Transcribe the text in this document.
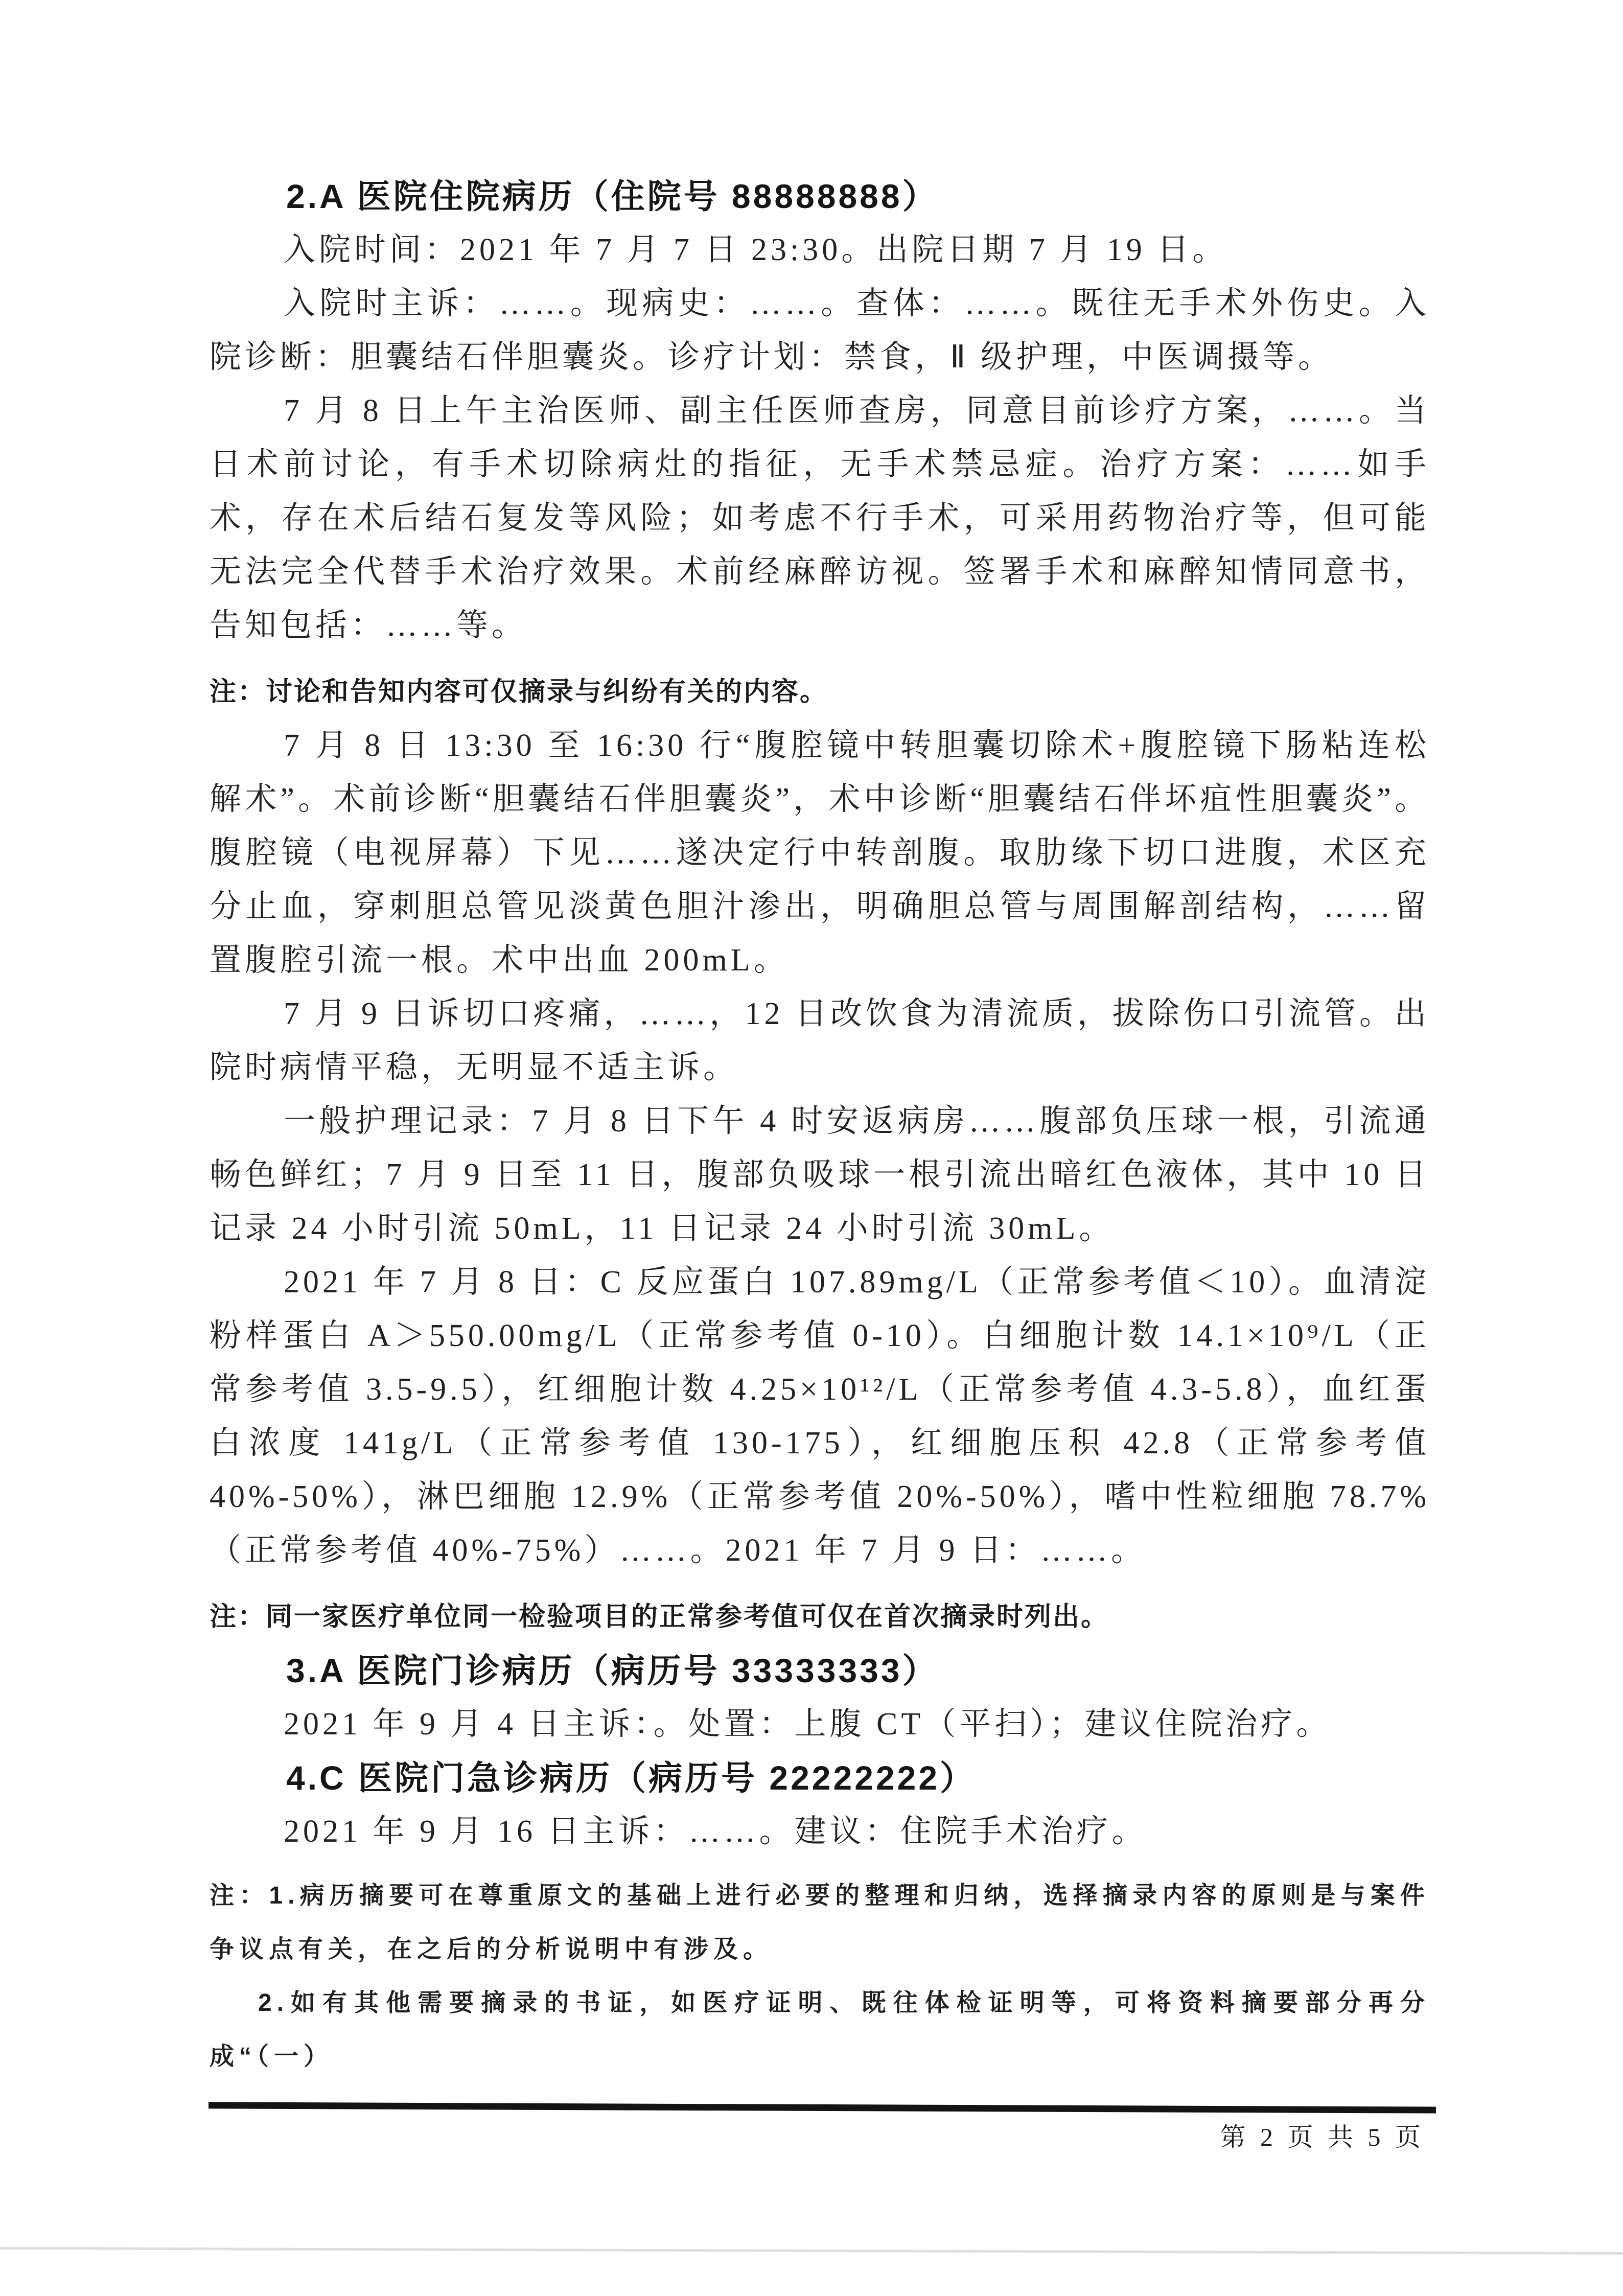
2.A 医院住院病历（住院号 88888888）
入院时间：2021 年 7 月 7 日 23:30。出院日期 7 月 19 日。
入院时主诉：……。现病史：……。查体：……。既往无手术外伤史。入院诊断：胆囊结石伴胆囊炎。诊疗计划：禁食，Ⅱ 级护理，中医调摄等。
7 月 8 日上午主治医师、副主任医师查房，同意目前诊疗方案，……。当日术前讨论，有手术切除病灶的指征，无手术禁忌症。治疗方案：……如手术，存在术后结石复发等风险；如考虑不行手术，可采用药物治疗等，但可能无法完全代替手术治疗效果。术前经麻醉访视。签署手术和麻醉知情同意书，告知包括：……等。
注：讨论和告知内容可仅摘录与纠纷有关的内容。
7 月 8 日 13:30 至 16:30 行“腹腔镜中转胆囊切除术+腹腔镜下肠粘连松解术”。术前诊断“胆囊结石伴胆囊炎”，术中诊断“胆囊结石伴坏疽性胆囊炎”。腹腔镜（电视屏幕）下见……遂决定行中转剖腹。取肋缘下切口进腹，术区充分止血，穿刺胆总管见淡黄色胆汁渗出，明确胆总管与周围解剖结构，……留置腹腔引流一根。术中出血 200mL。
7 月 9 日诉切口疼痛，……，12 日改饮食为清流质，拔除伤口引流管。出院时病情平稳，无明显不适主诉。
一般护理记录：7 月 8 日下午 4 时安返病房……腹部负压球一根，引流通畅色鲜红；7 月 9 日至 11 日，腹部负吸球一根引流出暗红色液体，其中 10 日记录 24 小时引流 50mL，11 日记录 24 小时引流 30mL。
2021 年 7 月 8 日：C 反应蛋白 107.89mg/L（正常参考值＜10）。血清淀粉样蛋白 A＞550.00mg/L（正常参考值 0-10）。白细胞计数 14.1×10⁹/L（正常参考值 3.5-9.5），红细胞计数 4.25×10¹²/L（正常参考值 4.3-5.8），血红蛋白浓度 141g/L（正常参考值 130-175），红细胞压积 42.8（正常参考值 40%-50%），淋巴细胞 12.9%（正常参考值 20%-50%），嗜中性粒细胞 78.7%（正常参考值 40%-75%）……。2021 年 7 月 9 日：……。
注：同一家医疗单位同一检验项目的正常参考值可仅在首次摘录时列出。
3.A 医院门诊病历（病历号 33333333）
2021 年 9 月 4 日主诉：。处置：上腹 CT（平扫）；建议住院治疗。
4.C 医院门急诊病历（病历号 22222222）
2021 年 9 月 16 日主诉：……。建议：住院手术治疗。
注：1.病历摘要可在尊重原文的基础上进行必要的整理和归纳，选择摘录内容的原则是与案件争议点有关，在之后的分析说明中有涉及。
2.如有其他需要摘录的书证，如医疗证明、既往体检证明等，可将资料摘要部分再分成“（一）
第 2 页 共 5 页
